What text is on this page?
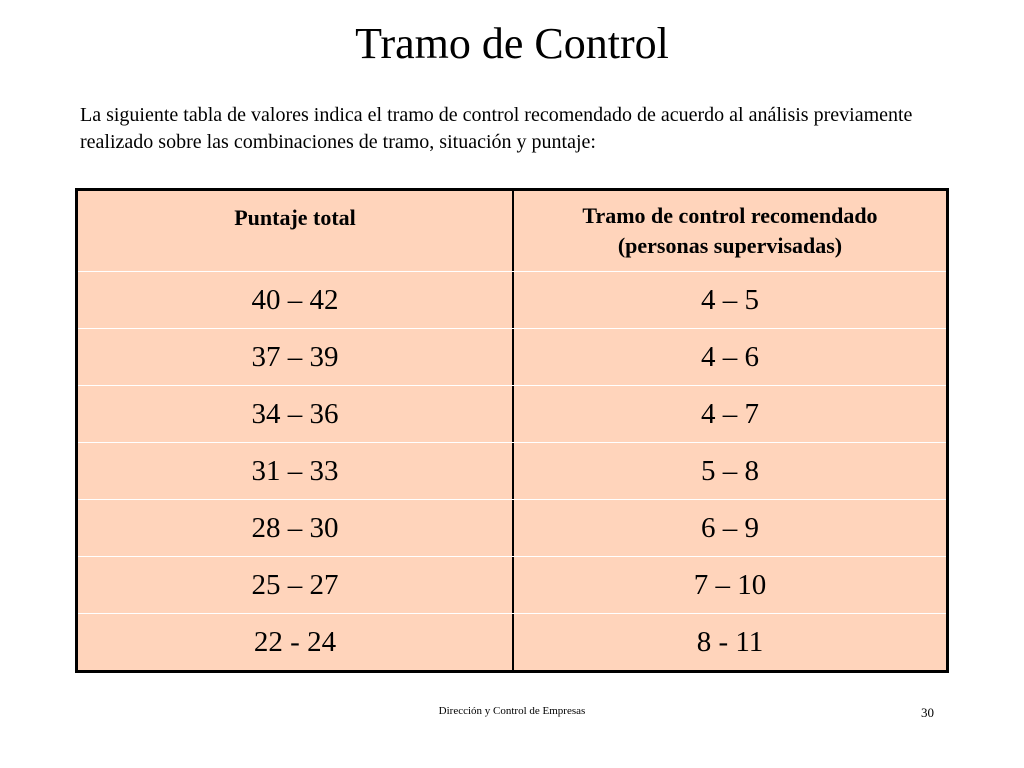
Tramo de Control

La siguiente tabla de valores indica el tramo de control recomendado de acuerdo al análisis previamente realizado sobre las combinaciones de tramo, situación y puntaje:

Puntaje total	Tramo de control recomendado
(personas supervisadas)
40 – 42	4 – 5
37 – 39	4 – 6
34 – 36	4 – 7
31 – 33	5 – 8
28 – 30	6 – 9
25 – 27	7 – 10
22 - 24	8 - 11
Dirección y Control de Empresas	30
